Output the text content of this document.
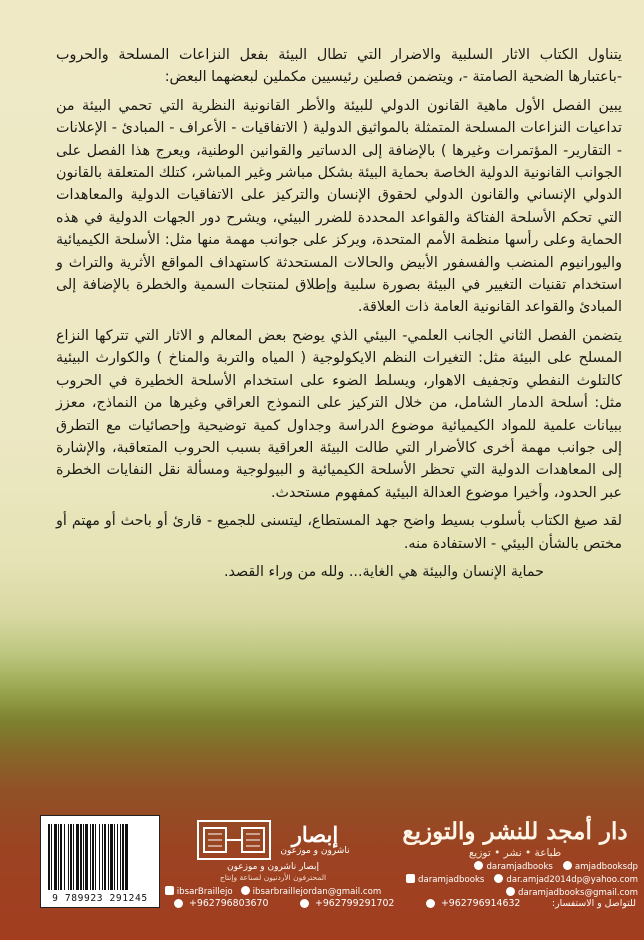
يتناول الكتاب الاثار السلبية والاضرار التي تطال البيئة بفعل النزاعات المسلحة والحروب -باعتبارها الضحية الصامتة -، ويتضمن فصلين رئيسيين مكملين لبعضهما البعض:

يبين الفصل الأول ماهية القانون الدولي للبيئة والأطر القانونية النظرية التي تحمي البيئة من تداعيات النزاعات المسلحة المتمثلة بالمواثيق الدولية ( الاتفاقيات - الأعراف - المبادئ - الإعلانات - التقارير- المؤتمرات وغيرها ) بالإضافة إلى الدساتير والقوانين الوطنية، ويعرج هذا الفصل على الجوانب القانونية الدولية الخاصة بحماية البيئة بشكل مباشر وغير المباشر، كتلك المتعلقة بالقانون الدولي الإنساني والقانون الدولي لحقوق الإنسان والتركيز على الاتفاقيات الدولية والمعاهدات التي تحكم الأسلحة الفتاكة والقواعد المحددة للضرر البيئي، ويشرح دور الجهات الدولية في هذه الحماية وعلى رأسها منظمة الأمم المتحدة، ويركز على جوانب مهمة منها مثل: الأسلحة الكيميائية واليورانيوم المنضب والفسفور الأبيض والحالات المستحدثة كاستهداف المواقع الأثرية والتراث و استخدام تقنيات التغيير في البيئة بصورة سلبية وإطلاق لمنتجات السمية والخطرة بالإضافة إلى المبادئ والقواعد القانونية العامة ذات العلاقة.

يتضمن الفصل الثاني الجانب العلمي- البيئي الذي يوضح بعض المعالم و الاثار التي تتركها النزاع المسلح على البيئة مثل: التغيرات النظم الايكولوجية ( المياه والتربة والمناخ ) والكوارث البيئية كالتلوث النفطي وتجفيف الاهوار، ويسلط الضوء على استخدام الأسلحة الخطيرة في الحروب مثل: أسلحة الدمار الشامل، من خلال التركيز على النموذج العراقي وغيرها من النماذج، معزز ببيانات علمية للمواد الكيميائية موضوع الدراسة وجداول كمية توضيحية وإحصائيات مع التطرق إلى جوانب مهمة أخرى كالأضرار التي طالت البيئة العراقية بسبب الحروب المتعاقبة، والإشارة إلى المعاهدات الدولية التي تحظر الأسلحة الكيميائية و البيولوجية ومسألة نقل النفايات الخطرة عبر الحدود، وأخيرا موضوع العدالة البيئية كمفهوم مستحدث.

لقد صيغ الكتاب بأسلوب بسيط واضح جهد المستطاع، ليتسنى للجميع - قارئ أو باحث أو مهتم أو مختص بالشأن البيئي - الاستفادة منه.

حماية الإنسان والبيئة هي الغاية... ولله من وراء القصد.

دار أمجد للنشر والتوزيع
طباعة • نشر • توزيع
daramjadbooks	amjadbooksdp
daramjadbooks	dar.amjad2014dp@yahoo.com
daramjadbooks@gmail.com
إبصار
ناشرون و موزعون
إبصار ناشرون و موزعون
المحترفون الأردنيون لصناعة وإنتاج
ibsarBraillejo	ibsarbraillejordan@gmail.com
+962796803670	+962799291702	+962796914632	للتواصل و الاستفسار:
9 789923 291245
